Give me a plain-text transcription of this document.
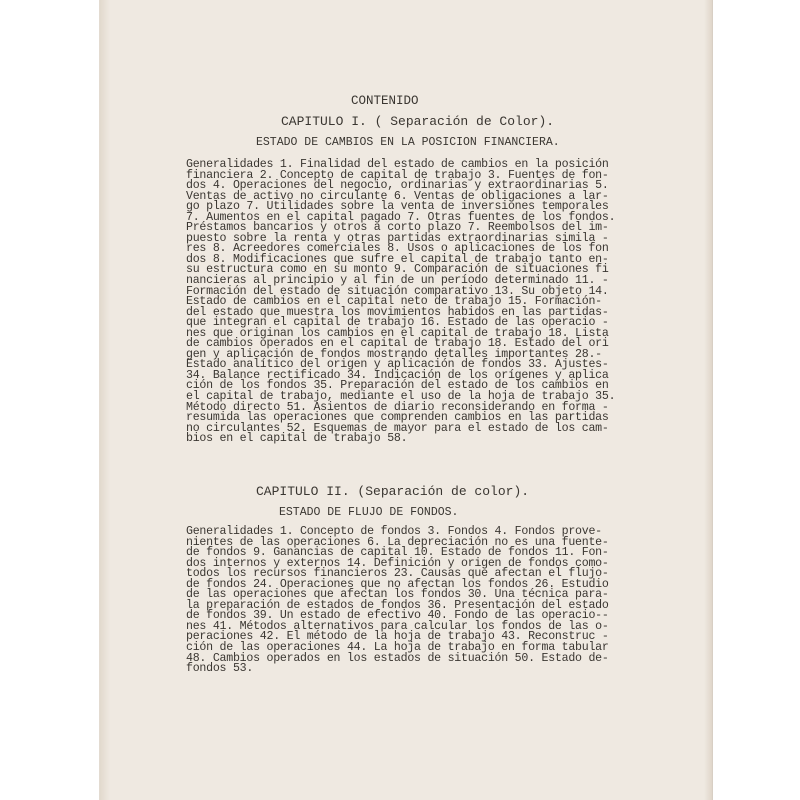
CONTENIDO
CAPITULO I. ( Separación de Color).
ESTADO DE CAMBIOS EN LA POSICION FINANCIERA.
Generalidades 1. Finalidad del estado de cambios en la posición
financiera 2. Concepto de capital de trabajo 3. Fuentes de fon-
dos 4. Operaciones del negocio, ordinarias y extraordinarias 5.
Ventas de activo no circulante 6. Ventas de obligaciones a lar-
go plazo 7. Utilidades sobre la venta de inversiones temporales
7. Aumentos en el capital pagado 7. Otras fuentes de los fondos.
Préstamos bancarios y otros a corto plazo 7. Reembolsos del im-
puesto sobre la renta y otras partidas extraordinarias simila -
res 8. Acreedores comerciales 8. Usos o aplicaciones de los fon
dos 8. Modificaciones que sufre el capital de trabajo tanto en-
su estructura como en su monto 9. Comparación de situaciones fi
nancieras al principio y al fin de un período determinado 11. -
Formación del estado de situación comparativo 13. Su objeto 14.
Estado de cambios en el capital neto de trabajo 15. Formación-
del estado que muestra los movimientos habidos en las partidas-
que integran el capital de trabajo 16. Estado de las operacio -
nes que originan los cambios en el capital de trabajo 18. Lista
de cambios operados en el capital de trabajo 18. Estado del ori
gen y aplicación de fondos mostrando detalles importantes 28.-
Estado analítico del origen y aplicación de fondos 33. Ajustes-
34. Balance rectificado 34. Indicación de los orígenes y aplica
ción de los fondos 35. Preparación del estado de los cambios en
el capital de trabajo, mediante el uso de la hoja de trabajo 35.
Método directo 51. Asientos de diario reconsiderando en forma -
resumida las operaciones que comprenden cambios en las partidas
no circulantes 52. Esquemas de mayor para el estado de los cam-
bios en el capital de trabajo 58.
CAPITULO II. (Separación de color).
ESTADO DE FLUJO DE FONDOS.
Generalidades 1. Concepto de fondos 3. Fondos 4. Fondos prove-
nientes de las operaciones 6. La depreciación no es una fuente-
de fondos 9. Ganancias de capital 10. Estado de fondos 11. Fon-
dos internos y externos 14. Definición y origen de fondos como-
todos los recursos financieros 23. Causas que afectan el flujo-
de fondos 24. Operaciones que no afectan los fondos 26. Estudio
de las operaciones que afectan los fondos 30. Una técnica para-
la preparación de estados de fondos 36. Presentación del estado
de fondos 39. Un estado de efectivo 40. Fondo de las operacio--
nes 41. Métodos alternativos para calcular los fondos de las o-
peraciones 42. El método de la hoja de trabajo 43. Reconstruc -
ción de las operaciones 44. La hoja de trabajo en forma tabular
48. Cambios operados en los estados de situación 50. Estado de-
fondos 53.
